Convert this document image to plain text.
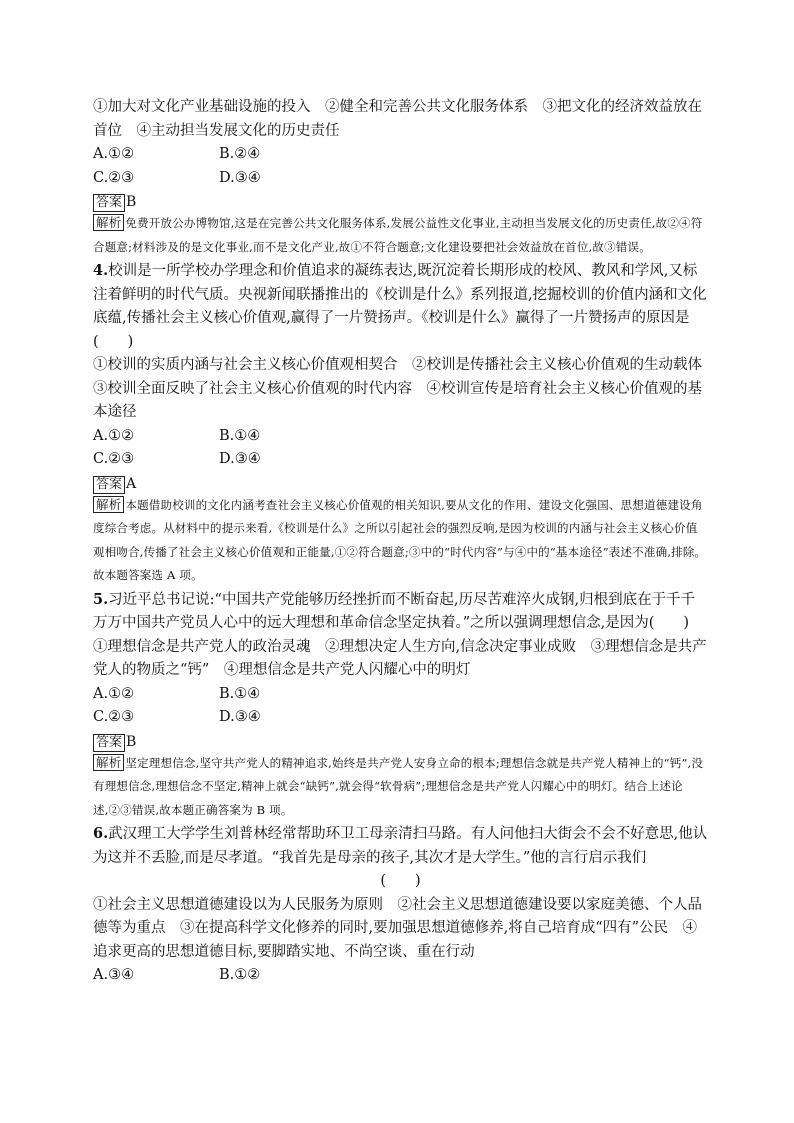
①加大对文化产业基础设施的投入　②健全和完善公共文化服务体系　③把文化的经济效益放在
首位　④主动担当发展文化的历史责任
A.①②	B.②④
C.②③	D.③④
答案 B
解析 免费开放公办博物馆,这是在完善公共文化服务体系,发展公益性文化事业,主动担当发展文化的历史责任,故②④符合题意;材料涉及的是文化事业,而不是文化产业,故①不符合题意;文化建设要把社会效益放在首位,故③错误。
4.校训是一所学校办学理念和价值追求的凝练表达,既沉淀着长期形成的校风、教风和学风,又标注着鲜明的时代气质。央视新闻联播推出的《校训是什么》系列报道,挖掘校训的价值内涵和文化底蕴,传播社会主义核心价值观,赢得了一片赞扬声。《校训是什么》赢得了一片赞扬声的原因是(　　)
①校训的实质内涵与社会主义核心价值观相契合　②校训是传播社会主义核心价值观的生动载体
③校训全面反映了社会主义核心价值观的时代内容　④校训宣传是培育社会主义核心价值观的基
本途径
A.①②	B.①④
C.②③	D.③④
答案 A
解析 本题借助校训的文化内涵考查社会主义核心价值观的相关知识,要从文化的作用、建设文化强国、思想道德建设角度综合考虑。从材料中的提示来看,《校训是什么》之所以引起社会的强烈反响,是因为校训的内涵与社会主义核心价值观相吻合,传播了社会主义核心价值观和正能量,①②符合题意;③中的“时代内容”与④中的“基本途径”表述不准确,排除。故本题答案选 A 项。
5.习近平总书记说:“中国共产党能够历经挫折而不断奋起,历尽苦难淬火成钢,归根到底在于千千万万中国共产党员人心中的远大理想和革命信念坚定执着。”之所以强调理想信念,是因为(　　)
①理想信念是共产党人的政治灵魂　②理想决定人生方向,信念决定事业成败　③理想信念是共产
党人的物质之“钙”　④理想信念是共产党人闪耀心中的明灯
A.①②	B.①④
C.②③	D.③④
答案 B
解析 坚定理想信念,坚守共产党人的精神追求,始终是共产党人安身立命的根本;理想信念就是共产党人精神上的“钙”,没有理想信念,理想信念不坚定,精神上就会“缺钙”,就会得“软骨病”;理想信念是共产党人闪耀心中的明灯。结合上述论述,②③错误,故本题正确答案为 B 项。
6.武汉理工大学学生刘普林经常帮助环卫工母亲清扫马路。有人问他扫大街会不会不好意思,他认为这并不丢脸,而是尽孝道。“我首先是母亲的孩子,其次才是大学生。”他的言行启示我们
(　　)
①社会主义思想道德建设以为人民服务为原则　②社会主义思想道德建设要以家庭美德、个人品德等为重点　③在提高科学文化修养的同时,要加强思想道德修养,将自己培育成“四有”公民　④追求更高的思想道德目标,要脚踏实地、不尚空谈、重在行动
A.③④	B.①②
